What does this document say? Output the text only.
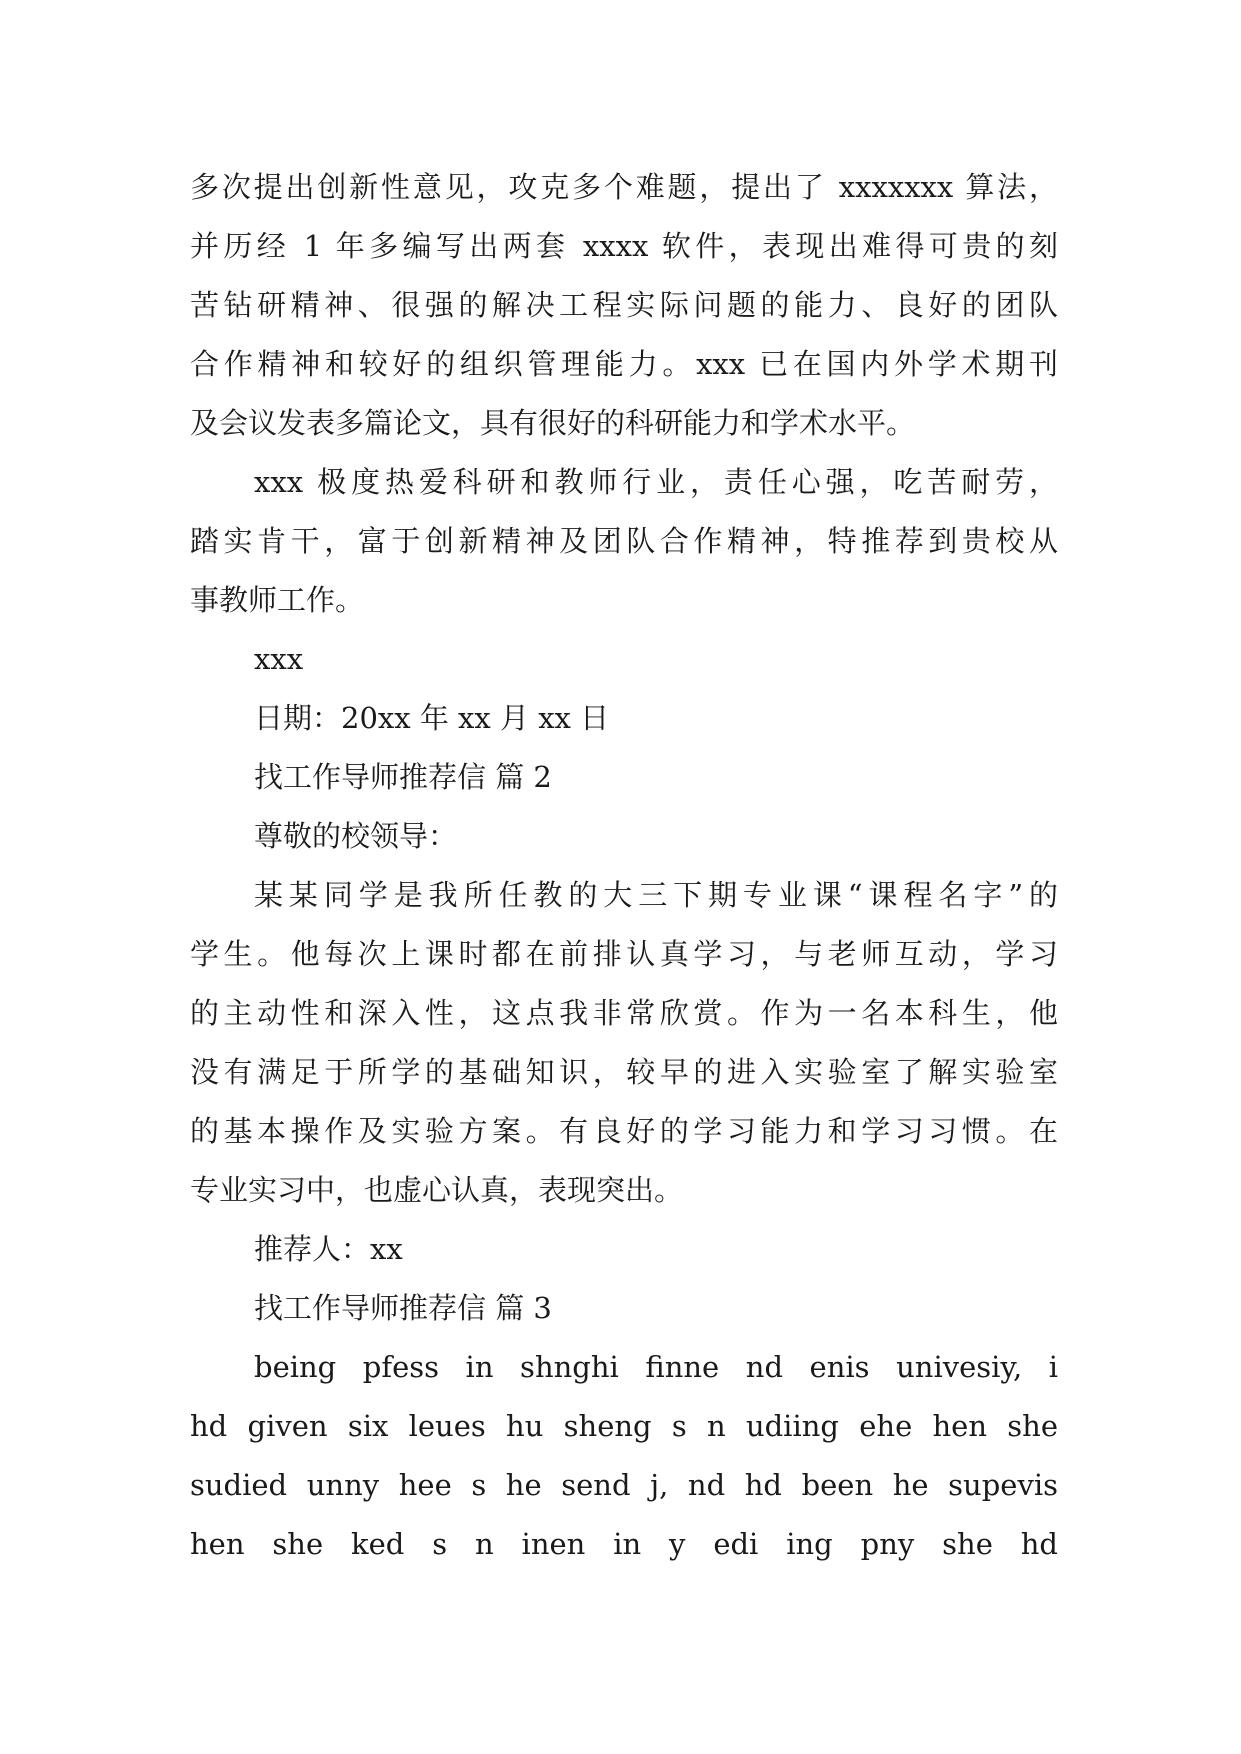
多次提出创新性意见，攻克多个难题，提出了 xxxxxxx 算法，
并历经 1 年多编写出两套 xxxx 软件，表现出难得可贵的刻
苦钻研精神、很强的解决工程实际问题的能力、良好的团队
合作精神和较好的组织管理能力。xxx 已在国内外学术期刊
及会议发表多篇论文，具有很好的科研能力和学术水平。
xxx 极度热爱科研和教师行业，责任心强，吃苦耐劳，
踏实肯干，富于创新精神及团队合作精神，特推荐到贵校从
事教师工作。
xxx
日期：20xx 年 xx 月 xx 日
找工作导师推荐信 篇 2
尊敬的校领导：
某某同学是我所任教的大三下期专业课“课程名字”的
学生。他每次上课时都在前排认真学习，与老师互动，学习
的主动性和深入性，这点我非常欣赏。作为一名本科生，他
没有满足于所学的基础知识，较早的进入实验室了解实验室
的基本操作及实验方案。有良好的学习能力和学习习惯。在
专业实习中，也虚心认真，表现突出。
推荐人：xx
找工作导师推荐信 篇 3
being pfess in shnghi finne nd enis univesiy, i
hd given six leues hu sheng s n udiing ehe hen she
sudied unny hee s he send j, nd hd been he supevis
hen she ked s n inen in y edi ing pny she hd
